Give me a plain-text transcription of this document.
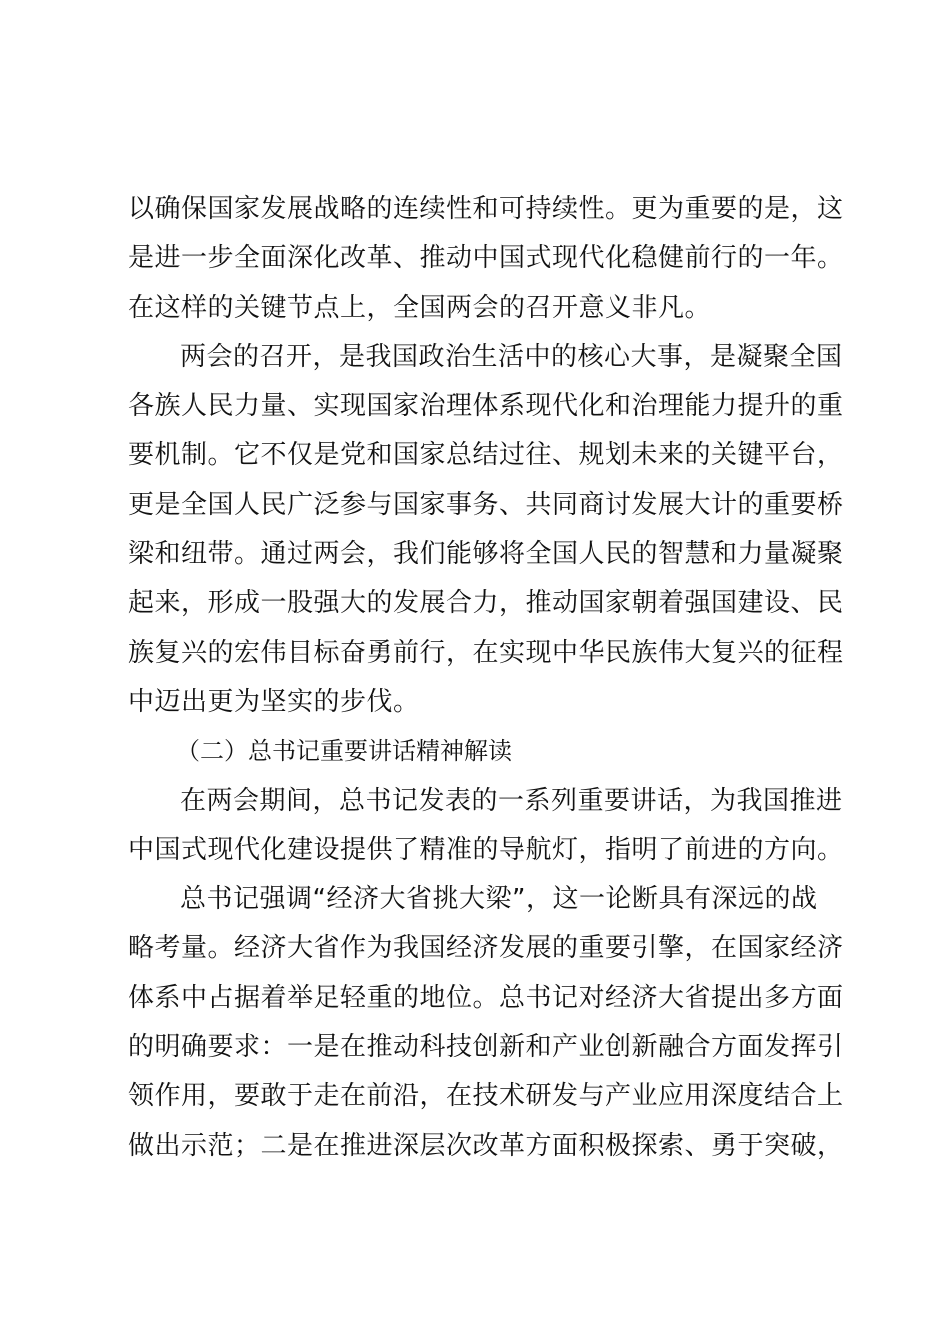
以确保国家发展战略的连续性和可持续性。更为重要的是，这
是进一步全面深化改革、推动中国式现代化稳健前行的一年。
在这样的关键节点上，全国两会的召开意义非凡。

两会的召开，是我国政治生活中的核心大事，是凝聚全国
各族人民力量、实现国家治理体系现代化和治理能力提升的重
要机制。它不仅是党和国家总结过往、规划未来的关键平台，
更是全国人民广泛参与国家事务、共同商讨发展大计的重要桥
梁和纽带。通过两会，我们能够将全国人民的智慧和力量凝聚
起来，形成一股强大的发展合力，推动国家朝着强国建设、民
族复兴的宏伟目标奋勇前行，在实现中华民族伟大复兴的征程
中迈出更为坚实的步伐。

（二）总书记重要讲话精神解读

在两会期间，总书记发表的一系列重要讲话，为我国推进
中国式现代化建设提供了精准的导航灯，指明了前进的方向。

总书记强调“经济大省挑大梁”，这一论断具有深远的战
略考量。经济大省作为我国经济发展的重要引擎，在国家经济
体系中占据着举足轻重的地位。总书记对经济大省提出多方面
的明确要求：一是在推动科技创新和产业创新融合方面发挥引
领作用，要敢于走在前沿，在技术研发与产业应用深度结合上
做出示范；二是在推进深层次改革方面积极探索、勇于突破，
